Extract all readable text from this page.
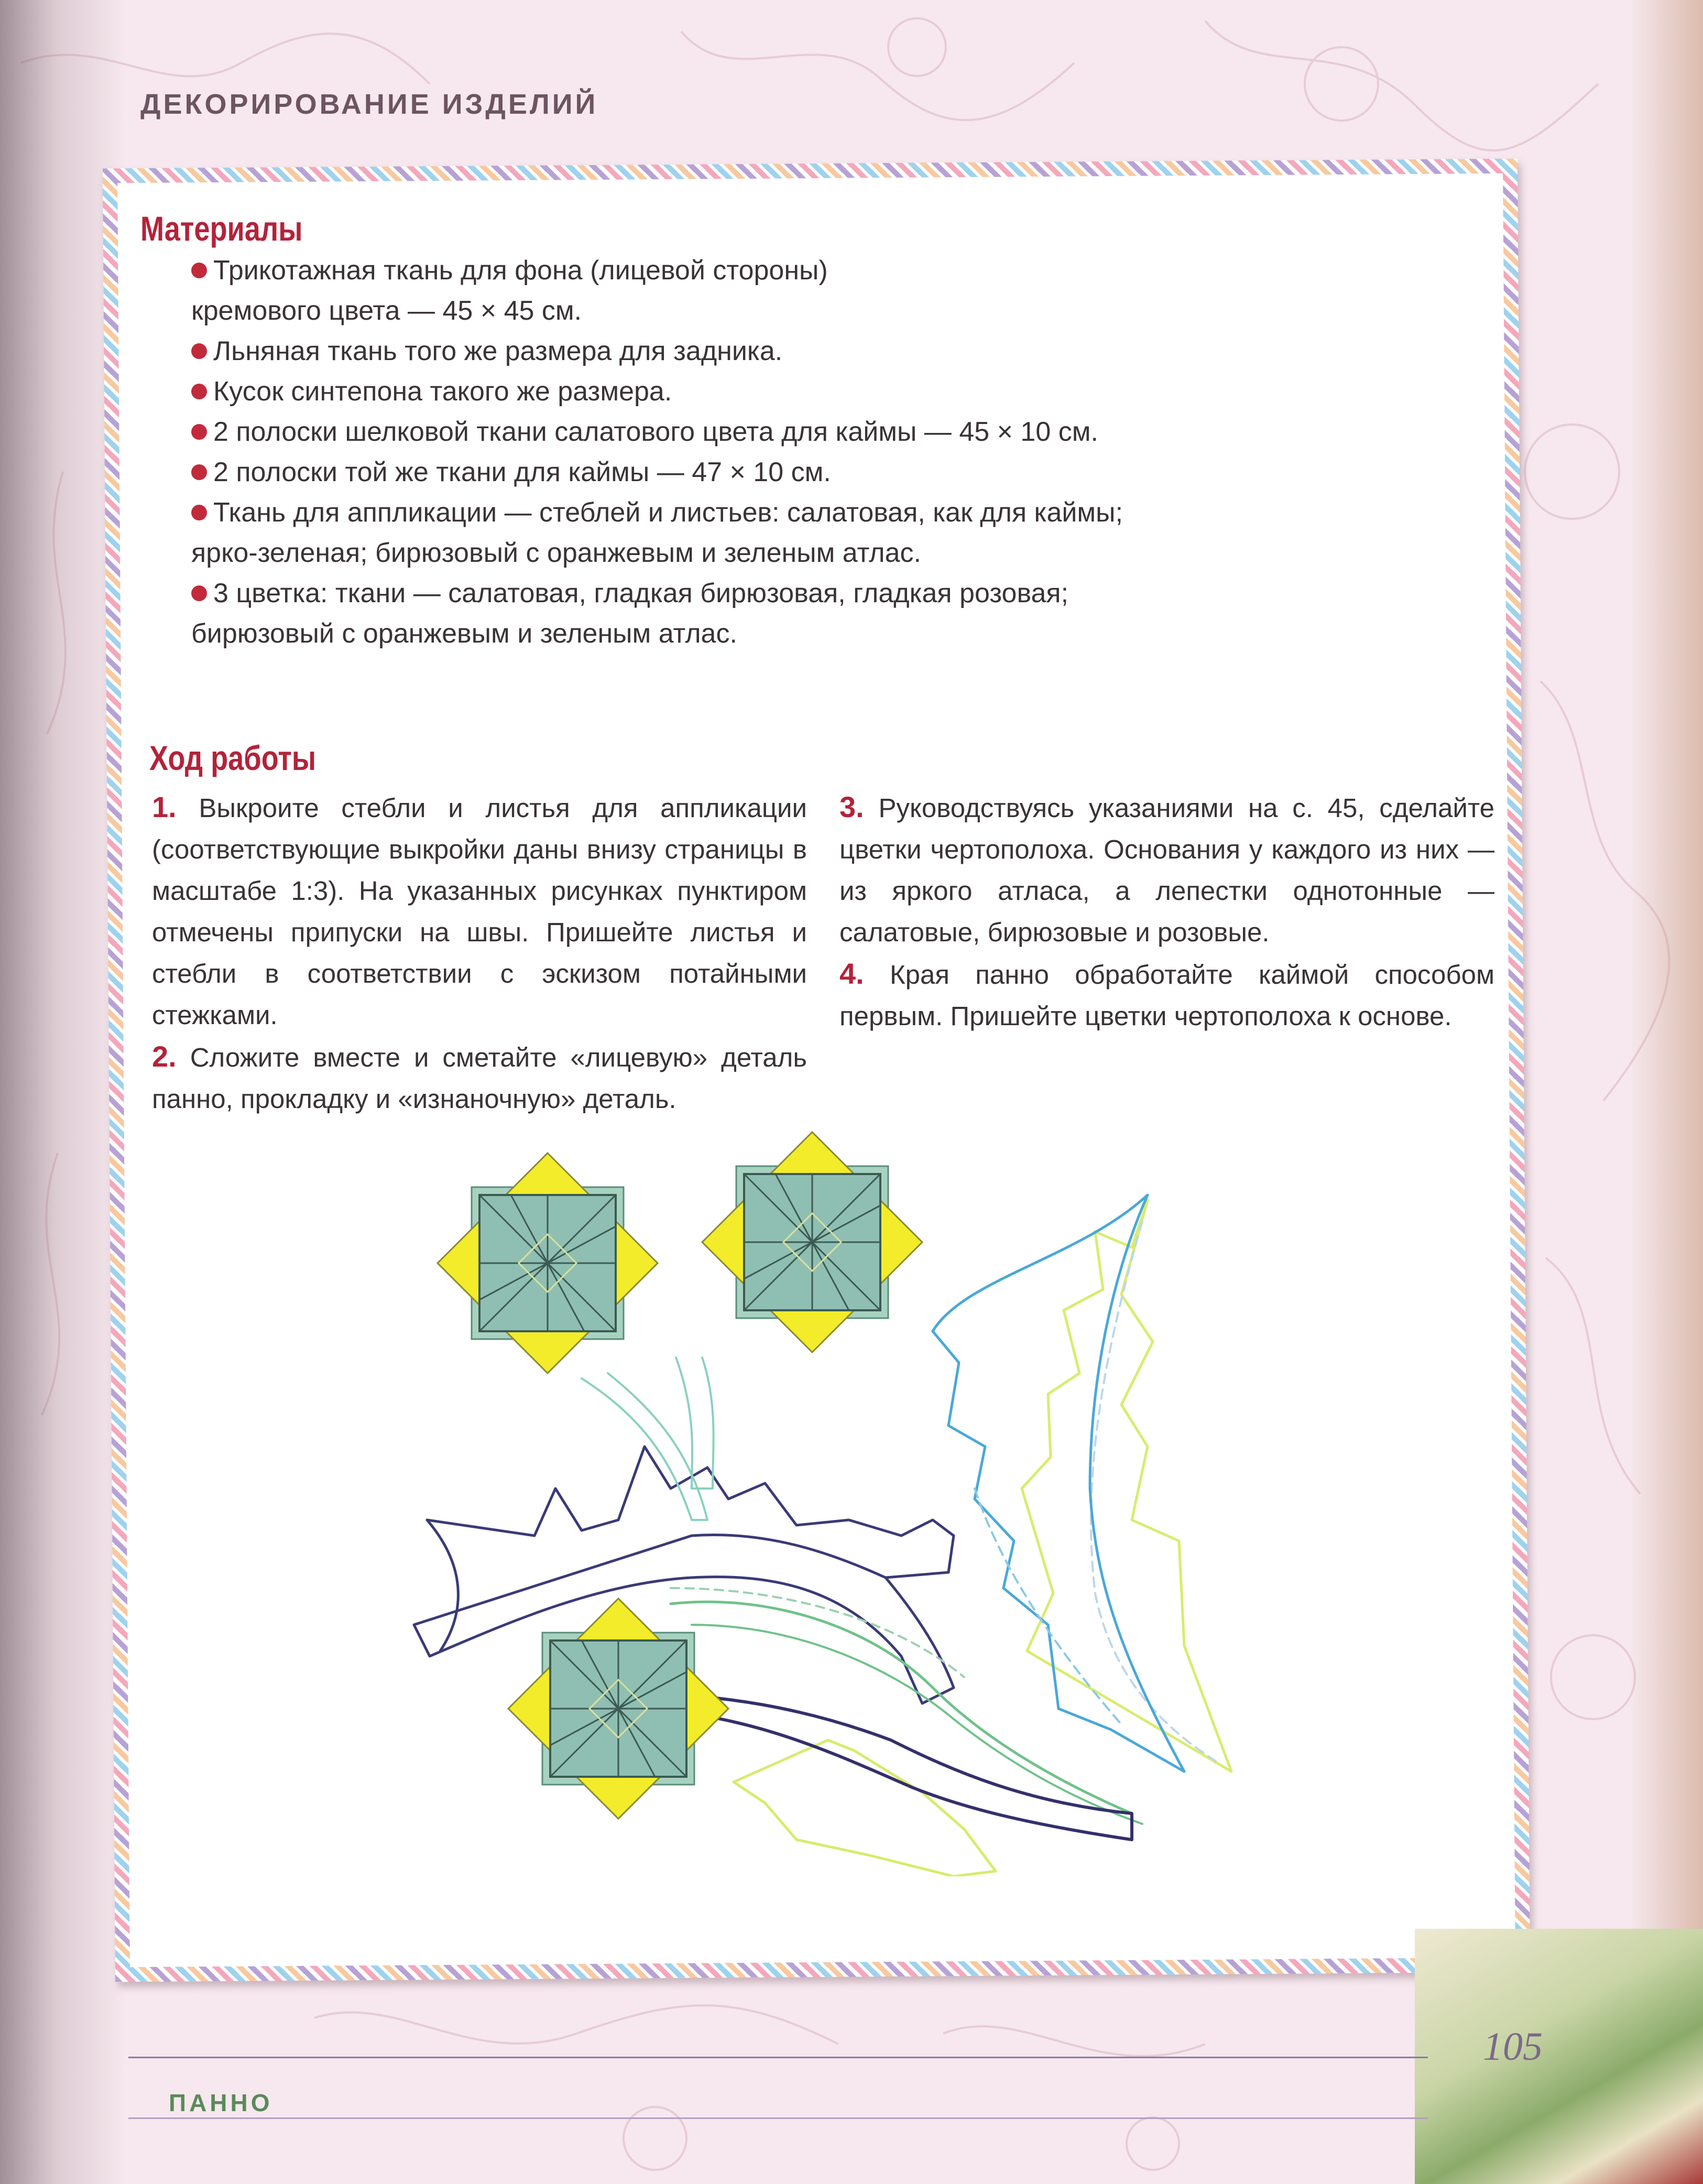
ДЕКОРИРОВАНИЕ ИЗДЕЛИЙ
Материалы
Трикотажная ткань для фона (лицевой стороны)
кремового цвета — 45 × 45 см.
Льняная ткань того же размера для задника.
Кусок синтепона такого же размера.
2 полоски шелковой ткани салатового цвета для каймы — 45 × 10 см.
2 полоски той же ткани для каймы — 47 × 10 см.
Ткань для аппликации — стеблей и листьев: салатовая, как для каймы;
ярко-зеленая; бирюзовый с оранжевым и зеленым атлас.
3 цветка: ткани — салатовая, гладкая бирюзовая, гладкая розовая;
бирюзовый с оранжевым и зеленым атлас.
Ход работы
1. Выкроите стебли и листья для аппликации (соответствующие выкройки даны внизу страницы в масштабе 1:3). На указанных рисунках пунктиром отмечены припуски на швы. Пришейте листья и стебли в соответствии с эскизом потайными стежками.
2. Сложите вместе и сметайте «лицевую» деталь панно, прокладку и «изнаночную» деталь.
3. Руководствуясь указаниями на с. 45, сделайте цветки чертополоха. Основания у каждого из них — из яркого атласа, а лепестки однотонные — салатовые, бирюзовые и розовые.
4. Края панно обработайте каймой способом первым. Пришейте цветки чертополоха к основе.
105
ПАННО
